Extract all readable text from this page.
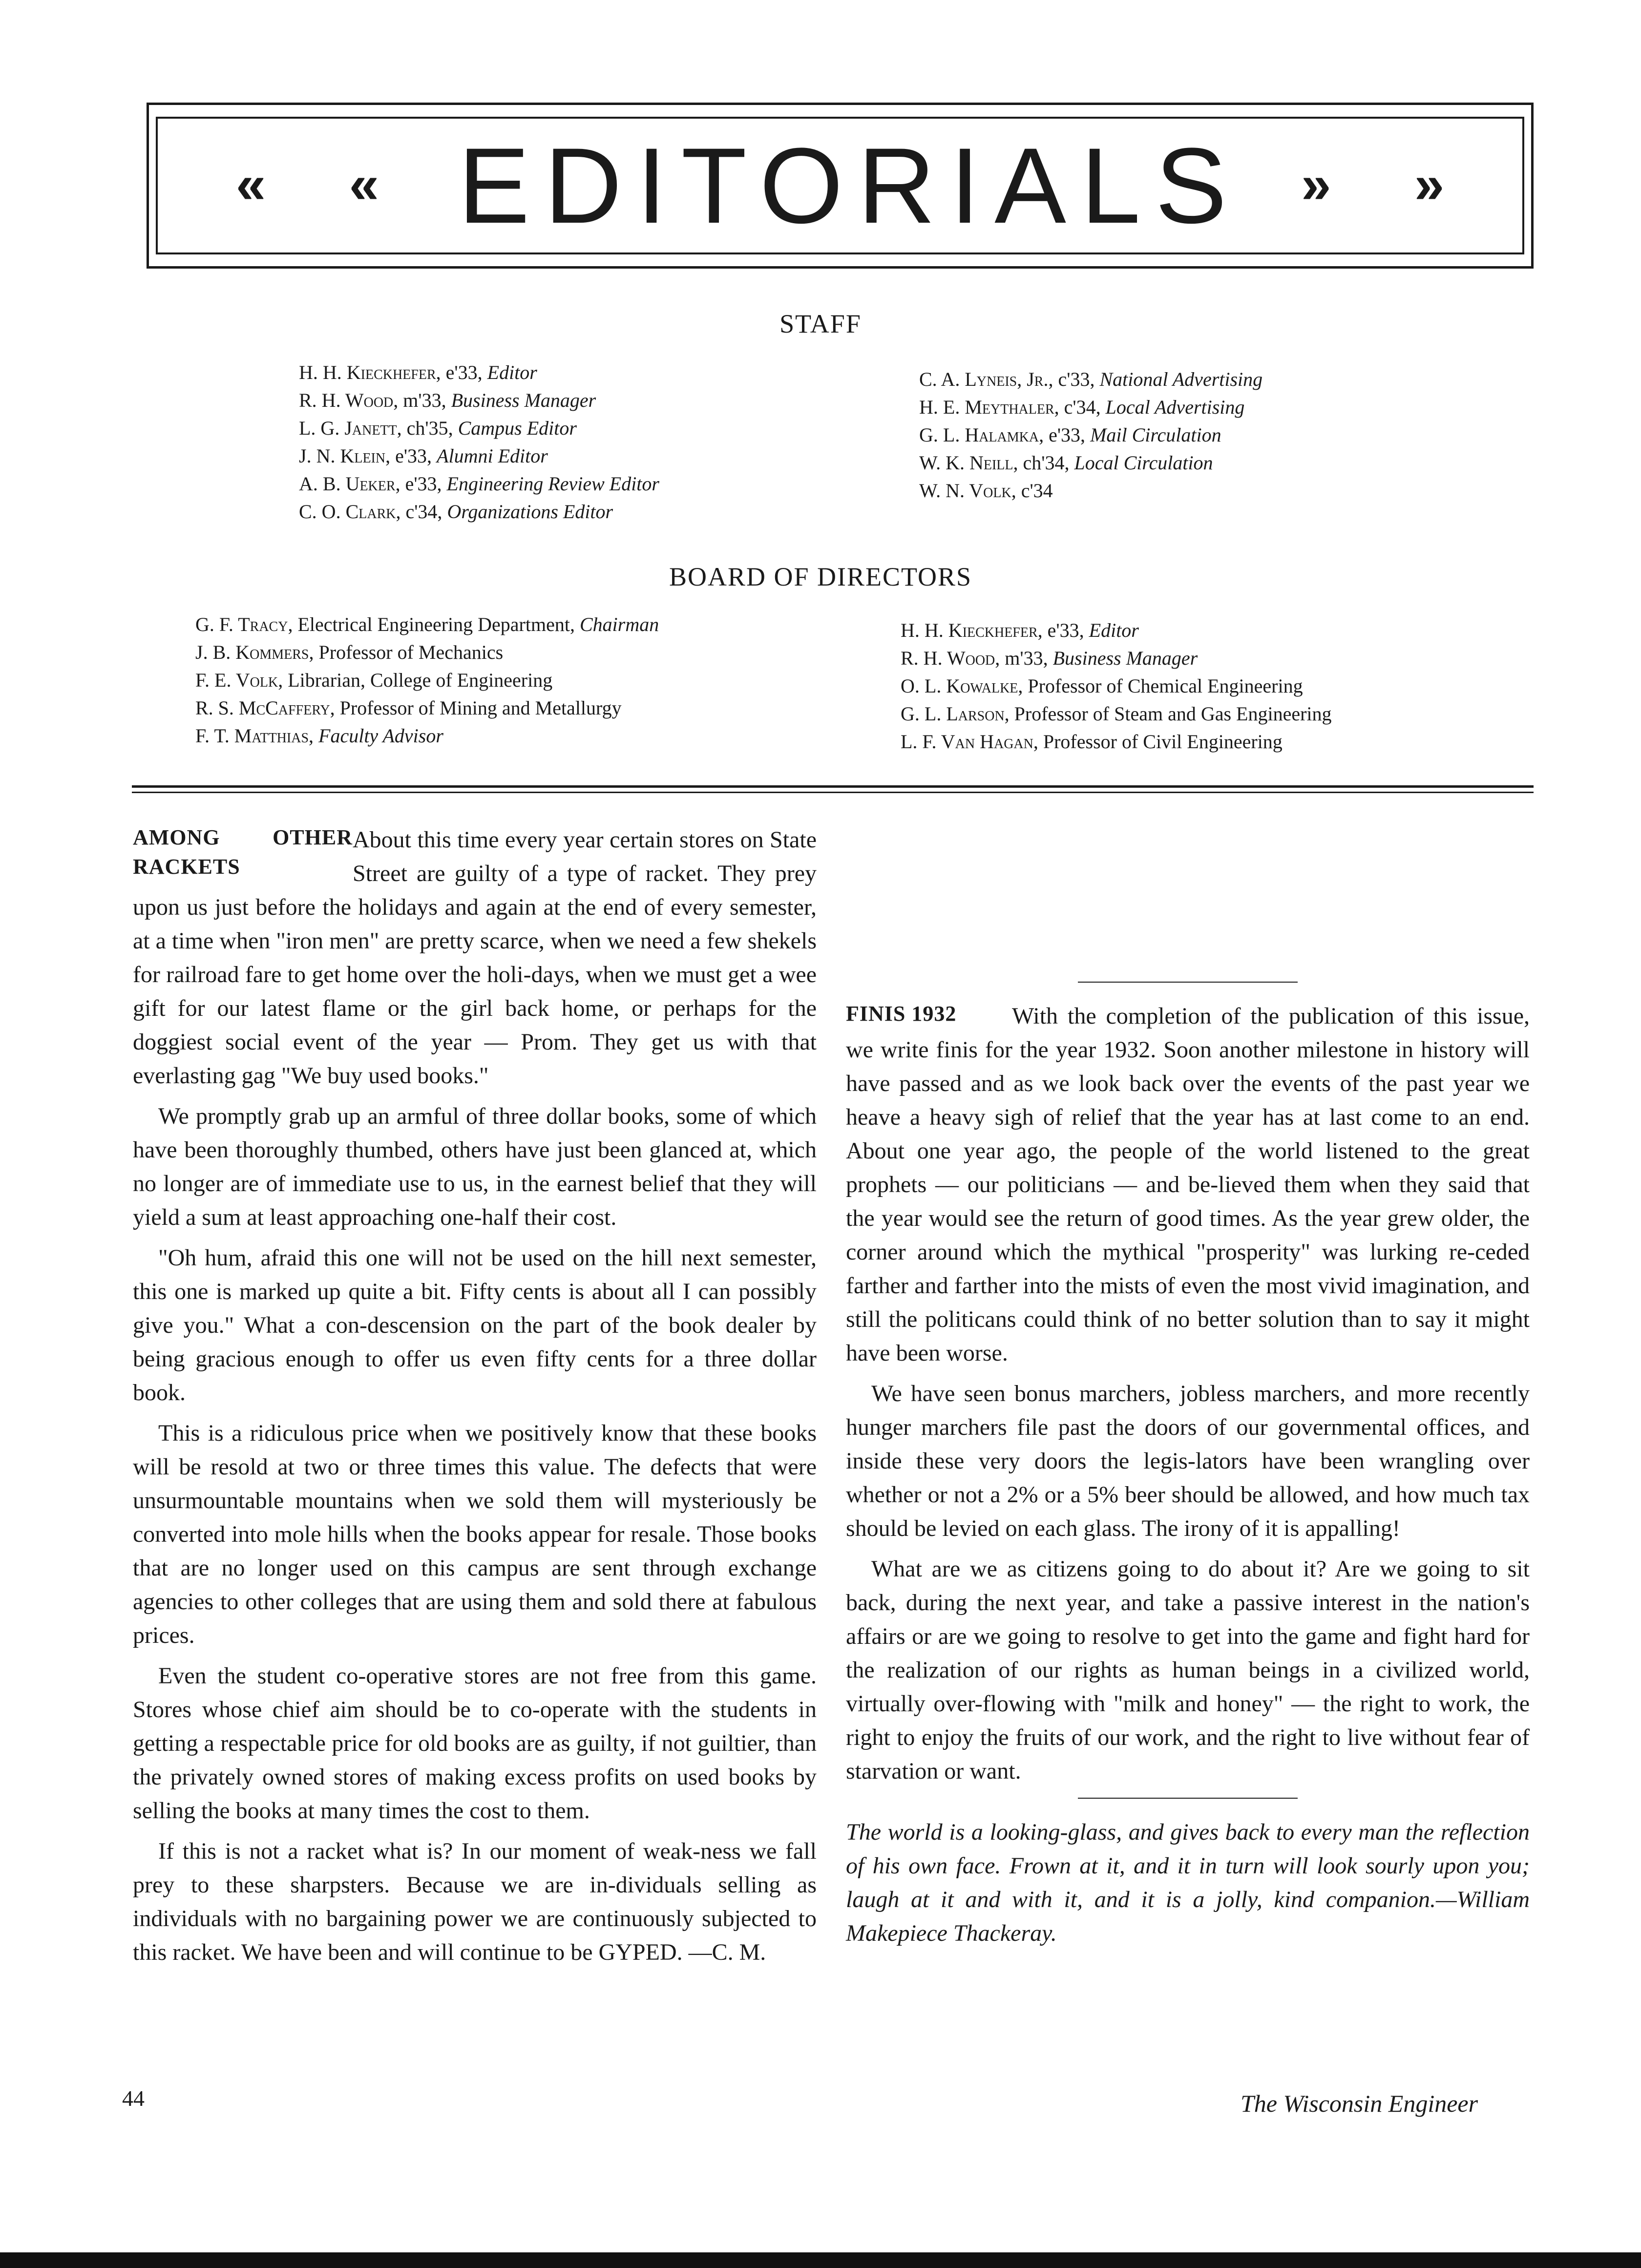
« « EDITORIALS » »
STAFF
H. H. Kieckhefer, e'33, Editor
R. H. Wood, m'33, Business Manager
L. G. Janett, ch'35, Campus Editor
J. N. Klein, e'33, Alumni Editor
A. B. Ueker, e'33, Engineering Review Editor
C. O. Clark, c'34, Organizations Editor
C. A. Lyneis, Jr., c'33, National Advertising
H. E. Meythaler, c'34, Local Advertising
G. L. Halamka, e'33, Mail Circulation
W. K. Neill, ch'34, Local Circulation
W. N. Volk, c'34
BOARD OF DIRECTORS
G. F. Tracy, Electrical Engineering Department, Chairman
J. B. Kommers, Professor of Mechanics
F. E. Volk, Librarian, College of Engineering
R. S. McCaffery, Professor of Mining and Metallurgy
F. T. Matthias, Faculty Advisor
H. H. Kieckhefer, e'33, Editor
R. H. Wood, m'33, Business Manager
O. L. Kowalke, Professor of Chemical Engineering
G. L. Larson, Professor of Steam and Gas Engineering
L. F. Van Hagan, Professor of Civil Engineering
AMONG OTHER RACKETS

About this time every year certain stores on State Street are guilty of a type of racket. They prey upon us just before the holidays and again at the end of every semester, at a time when "iron men" are pretty scarce, when we need a few shekels for railroad fare to get home over the holi-days, when we must get a wee gift for our latest flame or the girl back home, or perhaps for the doggiest social event of the year — Prom. They get us with that everlasting gag "We buy used books."

We promptly grab up an armful of three dollar books, some of which have been thoroughly thumbed, others have just been glanced at, which no longer are of immediate use to us, in the earnest belief that they will yield a sum at least approaching one-half their cost.

"Oh hum, afraid this one will not be used on the hill next semester, this one is marked up quite a bit. Fifty cents is about all I can possibly give you." What a con-descension on the part of the book dealer by being gracious enough to offer us even fifty cents for a three dollar book.

This is a ridiculous price when we positively know that these books will be resold at two or three times this value. The defects that were unsurmountable mountains when we sold them will mysteriously be converted into mole hills when the books appear for resale. Those books that are no longer used on this campus are sent through exchange agencies to other colleges that are using them and sold there at fabulous prices.

Even the student co-operative stores are not free from this game. Stores whose chief aim should be to co-operate with the students in getting a respectable price for old books are as guilty, if not guiltier, than the privately owned stores of making excess profits on used books by selling the books at many times the cost to them.

If this is not a racket what is? In our moment of weak-ness we fall prey to these sharpsters. Because we are in-dividuals selling as individuals with no bargaining power we are continuously subjected to this racket. We have been and will continue to be GYPED. —C. M.

FINIS 1932	With the completion of the publication of this issue, we write finis for the year 1932. Soon another milestone in history will have passed and as we look back over the events of the past year we heave a heavy sigh of relief that the year has at last come to an end. About one year ago, the people of the world listened to the great prophets — our politicians — and be-lieved them when they said that the year would see the return of good times. As the year grew older, the corner around which the mythical "prosperity" was lurking re-ceded farther and farther into the mists of even the most vivid imagination, and still the politicans could think of no better solution than to say it might have been worse.

We have seen bonus marchers, jobless marchers, and more recently hunger marchers file past the doors of our governmental offices, and inside these very doors the legis-lators have been wrangling over whether or not a 2% or a 5% beer should be allowed, and how much tax should be levied on each glass. The irony of it is appalling!

What are we as citizens going to do about it? Are we going to sit back, during the next year, and take a passive interest in the nation's affairs or are we going to resolve to get into the game and fight hard for the realization of our rights as human beings in a civilized world, virtually over-flowing with "milk and honey" — the right to work, the right to enjoy the fruits of our work, and the right to live without fear of starvation or want.

The world is a looking-glass, and gives back to every man the reflection of his own face. Frown at it, and it in turn will look sourly upon you; laugh at it and with it, and it is a jolly, kind companion.—William Makepiece Thackeray.
44	The Wisconsin Engineer
